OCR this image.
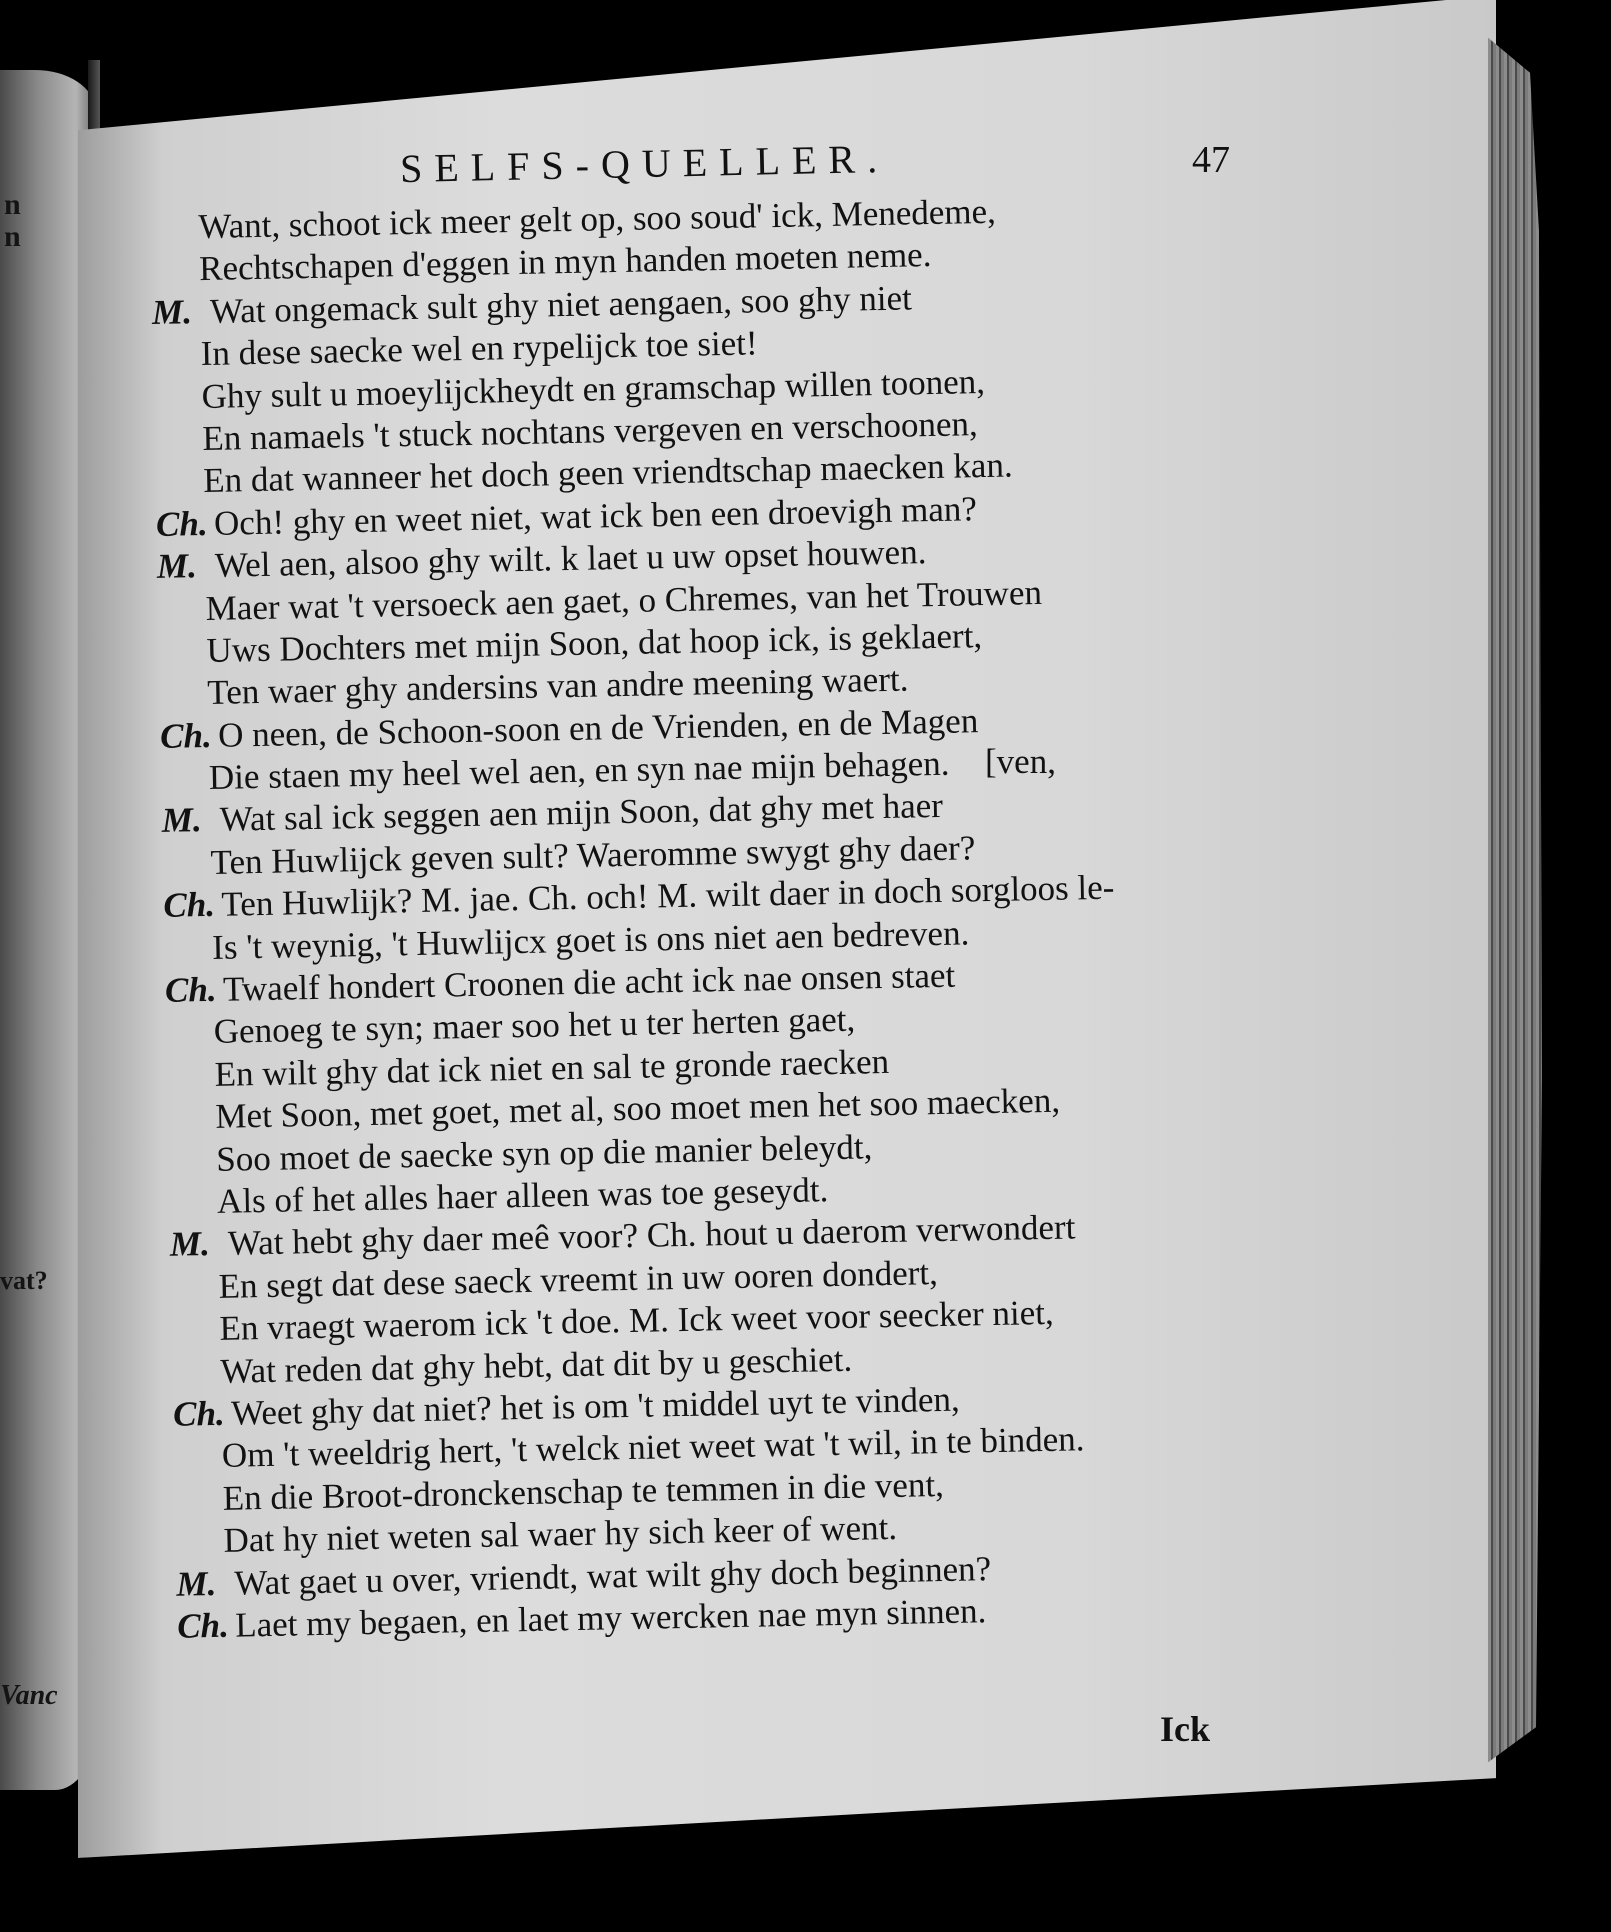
n
n
vat?
Vanc
SELFS-QUELLER.	47
Want, schoot ick meer gelt op, soo soud' ick, Menedeme,
Rechtschapen d'eggen in myn handen moeten neme.
M. Wat ongemack sult ghy niet aengaen, soo ghy niet
In dese saecke wel en rypelijck toe siet!
Ghy sult u moeylijckheydt en gramschap willen toonen,
En namaels 't stuck nochtans vergeven en verschoonen,
En dat wanneer het doch geen vriendtschap maecken kan.
Ch. Och! ghy en weet niet, wat ick ben een droevigh man?
M. Wel aen, alsoo ghy wilt. k laet u uw opset houwen.
Maer wat 't versoeck aen gaet, o Chremes, van het Trouwen
Uws Dochters met mijn Soon, dat hoop ick, is geklaert,
Ten waer ghy andersins van andre meening waert.
Ch. O neen, de Schoon-soon en de Vrienden, en de Magen
Die staen my heel wel aen, en syn nae mijn behagen.
M. Wat sal ick seggen aen mijn Soon, dat ghy met haer
Ten Huwlijck geven sult? Waeromme swygt ghy daer?
Ch. Ten Huwlijk? M. jae. Ch. och! M. wilt daer in doch sorgloos le-
Is 't weynig, 't Huwlijcx goet is ons niet aen bedreven.
Ch. Twaelf hondert Croonen die acht ick nae onsen staet
Genoeg te syn; maer soo het u ter herten gaet,
En wilt ghy dat ick niet en sal te gronde raecken
Met Soon, met goet, met al, soo moet men het soo maecken,
Soo moet de saecke syn op die manier beleydt,
Als of het alles haer alleen was toe geseydt.
M. Wat hebt ghy daer meê voor? Ch. hout u daerom verwondert
En segt dat dese saeck vreemt in uw ooren dondert,
En vraegt waerom ick 't doe. M. Ick weet voor seecker niet,
Wat reden dat ghy hebt, dat dit by u geschiet.
Ch. Weet ghy dat niet? het is om 't middel uyt te vinden,
Om 't weeldrig hert, 't welck niet weet wat 't wil, in te binden.
En die Broot-dronckenschap te temmen in die vent,
Dat hy niet weten sal waer hy sich keer of went.
M. Wat gaet u over, vriendt, wat wilt ghy doch beginnen?
Ch. Laet my begaen, en laet my wercken nae myn sinnen.
[ven,
Ick
